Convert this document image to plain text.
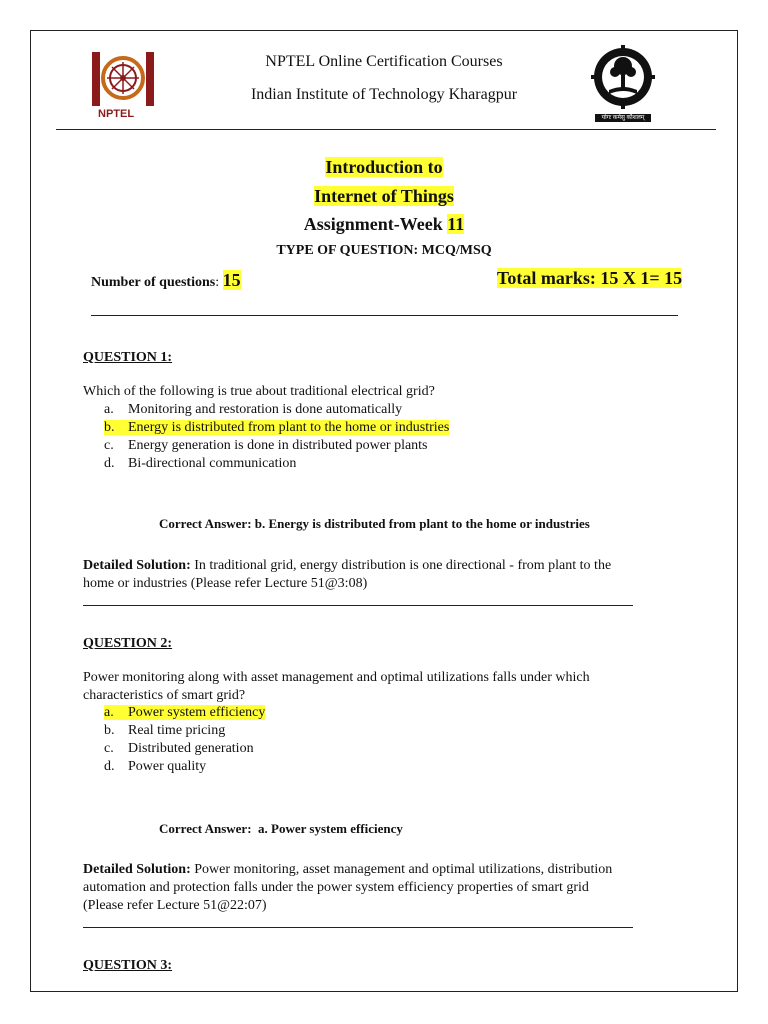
NPTEL
NPTEL Online Certification Courses
Indian Institute of Technology Kharagpur
योगः कर्मसु कौशलम्
Introduction to
Internet of Things
Assignment-Week 11
TYPE OF QUESTION: MCQ/MSQ
Number of questions: 15	Total marks: 15 X 1= 15
QUESTION 1:
Which of the following is true about traditional electrical grid?
a. Monitoring and restoration is done automatically
b. Energy is distributed from plant to the home or industries
c. Energy generation is done in distributed power plants
d. Bi-directional communication
Correct Answer: b. Energy is distributed from plant to the home or industries
Detailed Solution: In traditional grid, energy distribution is one directional - from plant to the
home or industries (Please refer Lecture 51@3:08)
QUESTION 2:
Power monitoring along with asset management and optimal utilizations falls under which
characteristics of smart grid?
a. Power system efficiency
b. Real time pricing
c. Distributed generation
d. Power quality
Correct Answer:  a. Power system efficiency
Detailed Solution: Power monitoring, asset management and optimal utilizations, distribution
automation and protection falls under the power system efficiency properties of smart grid
(Please refer Lecture 51@22:07)
QUESTION 3:
